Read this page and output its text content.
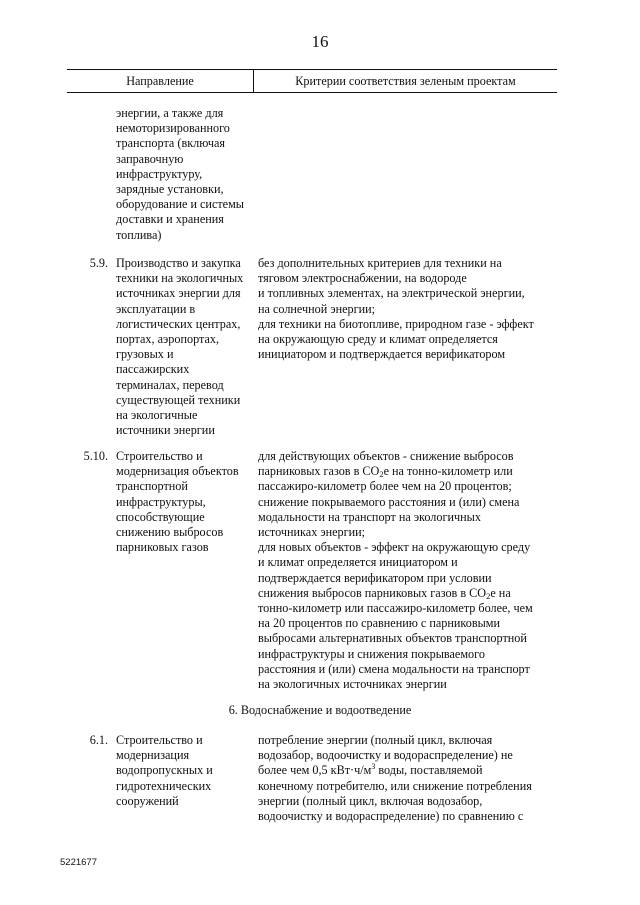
16
Направление	Критерии соответствия зеленым проектам
энергии, а также для
немоторизированного
транспорта (включая
заправочную
инфраструктуру,
зарядные установки,
оборудование и системы
доставки и хранения
топлива)
5.9. Производство и закупка
техники на экологичных
источниках энергии для
эксплуатации в
логистических центрах,
портах, аэропортах,
грузовых и
пассажирских
терминалах, перевод
существующей техники
на экологичные
источники энергии
без дополнительных критериев для техники на
тяговом электроснабжении, на водороде
и топливных элементах, на электрической энергии,
на солнечной энергии;
для техники на биотопливе, природном газе - эффект
на окружающую среду и климат определяется
инициатором и подтверждается верификатором
5.10. Строительство и
модернизация объектов
транспортной
инфраструктуры,
способствующие
снижению выбросов
парниковых газов
для действующих объектов - снижение выбросов
парниковых газов в $CO_2e$ на тонно-километр или
пассажиро-километр более чем на 20 процентов;
снижение покрываемого расстояния и (или) смена
модальности на транспорт на экологичных
источниках энергии;
для новых объектов - эффект на окружающую среду
и климат определяется инициатором и
подтверждается верификатором при условии
снижения выбросов парниковых газов в $CO_2e$ на
тонно-километр или пассажиро-километр более, чем
на 20 процентов по сравнению с парниковыми
выбросами альтернативных объектов транспортной
инфраструктуры и снижения покрываемого
расстояния и (или) смена модальности на транспорт
на экологичных источниках энергии
6. Водоснабжение и водоотведение
6.1. Строительство и
модернизация
водопропускных и
гидротехнических
сооружений
потребление энергии (полный цикл, включая
водозабор, водоочистку и водораспределение) не
более чем 0,5 $кВт\cdot ч/м^3$ воды, поставляемой
конечному потребителю, или снижение потребления
энергии (полный цикл, включая водозабор,
водоочистку и водораспределение) по сравнению с
5221677
